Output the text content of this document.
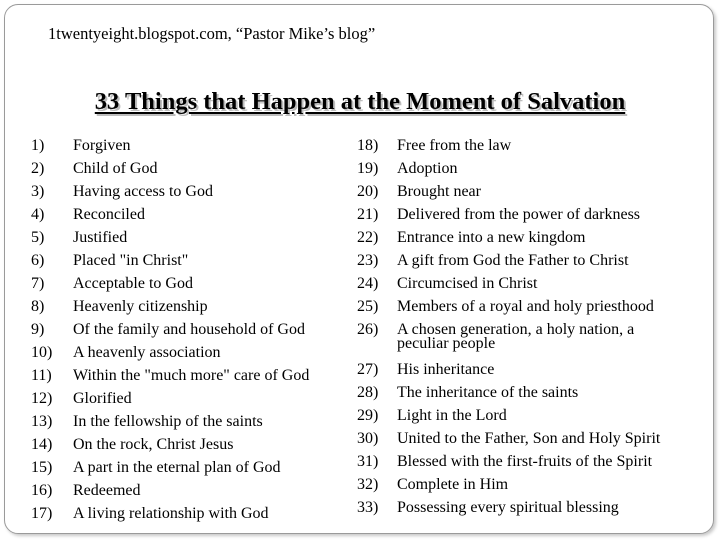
1twentyeight.blogspot.com, “Pastor Mike’s blog”
33 Things that Happen at the Moment of Salvation
1)	Forgiven
2)	Child of God
3)	Having access to God
4)	Reconciled
5)	Justified
6)	Placed "in Christ"
7)	Acceptable to God
8)	Heavenly citizenship
9)	Of the family and household of God
10)	A heavenly association
11)	Within the "much more" care of God
12)	Glorified
13)	In the fellowship of the saints
14)	On the rock, Christ Jesus
15)	A part in the eternal plan of God
16)	Redeemed
17)	A living relationship with God
18) Free from the law
19) Adoption
20) Brought near
21) Delivered from the power of darkness
22) Entrance into a new kingdom
23) A gift from God the Father to Christ
24) Circumcised in Christ
25) Members of a royal and holy priesthood
26) A chosen generation, a holy nation, a
peculiar people
27) His inheritance
28) The inheritance of the saints
29) Light in the Lord
30) United to the Father, Son and Holy Spirit
31) Blessed with the first-fruits of the Spirit
32) Complete in Him
33) Possessing every spiritual blessing
